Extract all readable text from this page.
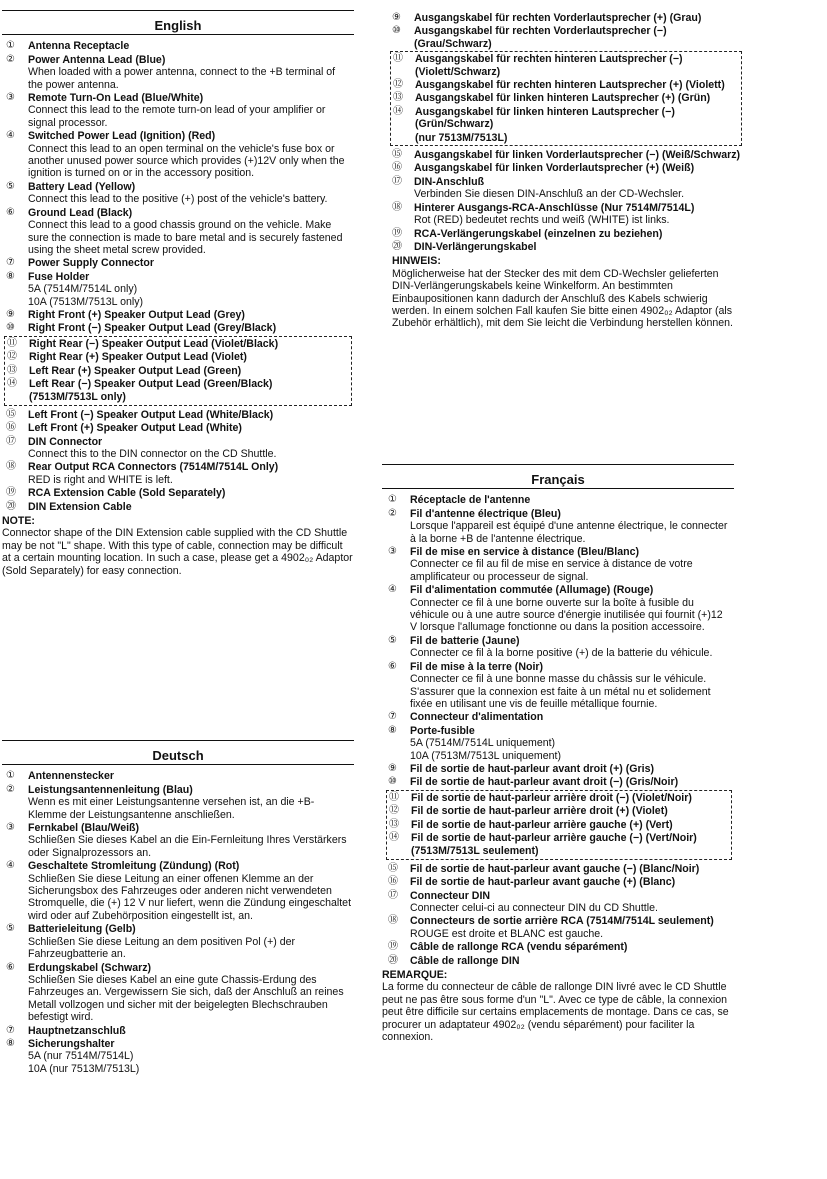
English
①	Antenna Receptacle
②	Power Antenna Lead (Blue)
When loaded with a power antenna, connect to the +B terminal of the power antenna.
③	Remote Turn-On Lead (Blue/White)
Connect this lead to the remote turn-on lead of your amplifier or signal processor.
④	Switched Power Lead (Ignition) (Red)
Connect this lead to an open terminal on the vehicle's fuse box or another unused power source which provides (+)12V only when the ignition is turned on or in the accessory position.
⑤	Battery Lead (Yellow)
Connect this lead to the positive (+) post of the vehicle's battery.
⑥	Ground Lead (Black)
Connect this lead to a good chassis ground on the vehicle. Make sure the connection is made to bare metal and is securely fastened using the sheet metal screw provided.
⑦	Power Supply Connector
⑧	Fuse Holder
5A (7514M/7514L only)
10A (7513M/7513L only)
⑨	Right Front (+) Speaker Output Lead (Grey)
⑩	Right Front (−) Speaker Output Lead (Grey/Black)
⑪	Right Rear (−) Speaker Output Lead (Violet/Black)
⑫	Right Rear (+) Speaker Output Lead (Violet)
⑬	Left Rear (+) Speaker Output Lead (Green)
⑭	Left Rear (−) Speaker Output Lead (Green/Black)
(7513M/7513L only)
⑮	Left Front (−) Speaker Output Lead (White/Black)
⑯	Left Front (+) Speaker Output Lead (White)
⑰	DIN Connector
Connect this to the DIN connector on the CD Shuttle.
⑱	Rear Output RCA Connectors (7514M/7514L Only)
RED is right and WHITE is left.
⑲	RCA Extension Cable (Sold Separately)
⑳	DIN Extension Cable
NOTE:
Connector shape of the DIN Extension cable supplied with the CD Shuttle may be not "L" shape. With this type of cable, connection may be difficult at a certain mounting location. In such a case, please get a 4902₀₂ Adaptor (Sold Separately) for easy connection.
Deutsch
①	Antennenstecker
②	Leistungsantennenleitung (Blau)
Wenn es mit einer Leistungsantenne versehen ist, an die +B-Klemme der Leistungsantenne anschließen.
③	Fernkabel (Blau/Weiß)
Schließen Sie dieses Kabel an die Ein-Fernleitung Ihres Verstärkers oder Signalprozessors an.
④	Geschaltete Stromleitung (Zündung) (Rot)
Schließen Sie diese Leitung an einer offenen Klemme an der Sicherungsbox des Fahrzeuges oder anderen nicht verwendeten Stromquelle, die (+) 12 V nur liefert, wenn die Zündung eingeschaltet wird oder auf Zubehörposition eingestellt ist, an.
⑤	Batterieleitung (Gelb)
Schließen Sie diese Leitung an dem positiven Pol (+) der Fahrzeugbatterie an.
⑥	Erdungskabel (Schwarz)
Schließen Sie dieses Kabel an eine gute Chassis-Erdung des Fahrzeuges an. Vergewissern Sie sich, daß der Anschluß an reines Metall vollzogen und sicher mit der beigelegten Blechschrauben befestigt wird.
⑦	Hauptnetzanschluß
⑧	Sicherungshalter
5A (nur 7514M/7514L)
10A (nur 7513M/7513L)
⑨	Ausgangskabel für rechten Vorderlautsprecher (+) (Grau)
⑩	Ausgangskabel für rechten Vorderlautsprecher (−) (Grau/Schwarz)
⑪	Ausgangskabel für rechten hinteren Lautsprecher (−) (Violett/Schwarz)
⑫	Ausgangskabel für rechten hinteren Lautsprecher (+) (Violett)
⑬	Ausgangskabel für linken hinteren Lautsprecher (+) (Grün)
⑭	Ausgangskabel für linken hinteren Lautsprecher (−) (Grün/Schwarz)
(nur 7513M/7513L)
⑮	Ausgangskabel für linken Vorderlautsprecher (−) (Weiß/Schwarz)
⑯	Ausgangskabel für linken Vorderlautsprecher (+) (Weiß)
⑰	DIN-Anschluß
Verbinden Sie diesen DIN-Anschluß an der CD-Wechsler.
⑱	Hinterer Ausgangs-RCA-Anschlüsse (Nur 7514M/7514L)
Rot (RED) bedeutet rechts und weiß (WHITE) ist links.
⑲	RCA-Verlängerungskabel (einzelnen zu beziehen)
⑳	DIN-Verlängerungskabel
HINWEIS:
Möglicherweise hat der Stecker des mit dem CD-Wechsler gelieferten DIN-Verlängerungskabels keine Winkelform. An bestimmten Einbaupositionen kann dadurch der Anschluß des Kabels schwierig werden. In einem solchen Fall kaufen Sie bitte einen 4902₀₂ Adaptor (als Zubehör erhältlich), mit dem Sie leicht die Verbindung herstellen können.
Français
①	Réceptacle de l'antenne
②	Fil d'antenne électrique (Bleu)
Lorsque l'appareil est équipé d'une antenne électrique, le connecter à la borne +B de l'antenne électrique.
③	Fil de mise en service à distance (Bleu/Blanc)
Connecter ce fil au fil de mise en service à distance de votre amplificateur ou processeur de signal.
④	Fil d'alimentation commutée (Allumage) (Rouge)
Connecter ce fil à une borne ouverte sur la boîte à fusible du véhicule ou à une autre source d'énergie inutilisée qui fournit (+)12 V lorsque l'allumage fonctionne ou dans la position accessoire.
⑤	Fil de batterie (Jaune)
Connecter ce fil à la borne positive (+) de la batterie du véhicule.
⑥	Fil de mise à la terre (Noir)
Connecter ce fil à une bonne masse du châssis sur le véhicule. S'assurer que la connexion est faite à un métal nu et solidement fixée en utilisant une vis de feuille métallique fournie.
⑦	Connecteur d'alimentation
⑧	Porte-fusible
5A (7514M/7514L uniquement)
10A (7513M/7513L uniquement)
⑨	Fil de sortie de haut-parleur avant droit (+) (Gris)
⑩	Fil de sortie de haut-parleur avant droit (−) (Gris/Noir)
⑪	Fil de sortie de haut-parleur arrière droit (−) (Violet/Noir)
⑫	Fil de sortie de haut-parleur arrière droit (+) (Violet)
⑬	Fil de sortie de haut-parleur arrière gauche (+) (Vert)
⑭	Fil de sortie de haut-parleur arrière gauche (−) (Vert/Noir)
(7513M/7513L seulement)
⑮	Fil de sortie de haut-parleur avant gauche (−) (Blanc/Noir)
⑯	Fil de sortie de haut-parleur avant gauche (+) (Blanc)
⑰	Connecteur DIN
Connecter celui-ci au connecteur DIN du CD Shuttle.
⑱	Connecteurs de sortie arrière RCA (7514M/7514L seulement)
ROUGE est droite et BLANC est gauche.
⑲	Câble de rallonge RCA (vendu séparément)
⑳	Câble de rallonge DIN
REMARQUE:
La forme du connecteur de câble de rallonge DIN livré avec le CD Shuttle peut ne pas être sous forme d'un "L". Avec ce type de câble, la connexion peut être difficile sur certains emplacements de montage. Dans ce cas, se procurer un adaptateur 4902₀₂ (vendu séparément) pour faciliter la connexion.
